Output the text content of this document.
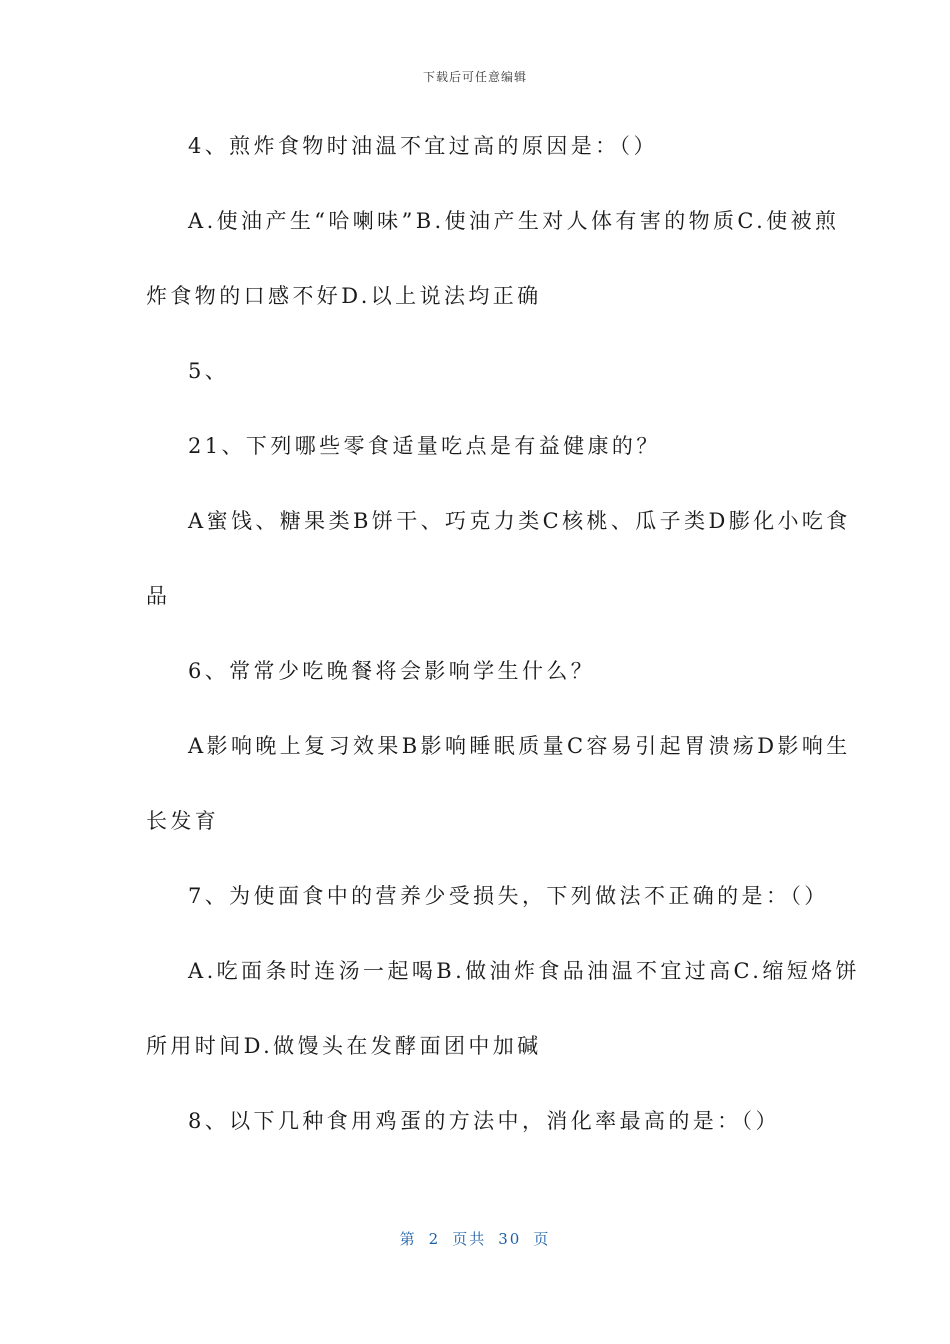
下载后可任意编辑
4、煎炸食物时油温不宜过高的原因是：（）
A.使油产生“哈喇味”B.使油产生对人体有害的物质C.使被煎
炸食物的口感不好D.以上说法均正确
5、
21、下列哪些零食适量吃点是有益健康的？
A蜜饯、糖果类B饼干、巧克力类C核桃、瓜子类D膨化小吃食
品
6、常常少吃晚餐将会影响学生什么？
A影响晚上复习效果B影响睡眠质量C容易引起胃溃疡D影响生
长发育
7、为使面食中的营养少受损失，下列做法不正确的是：（）
A.吃面条时连汤一起喝B.做油炸食品油温不宜过高C.缩短烙饼
所用时间D.做馒头在发酵面团中加碱
8、以下几种食用鸡蛋的方法中，消化率最高的是：（）
第 2 页共 30 页
